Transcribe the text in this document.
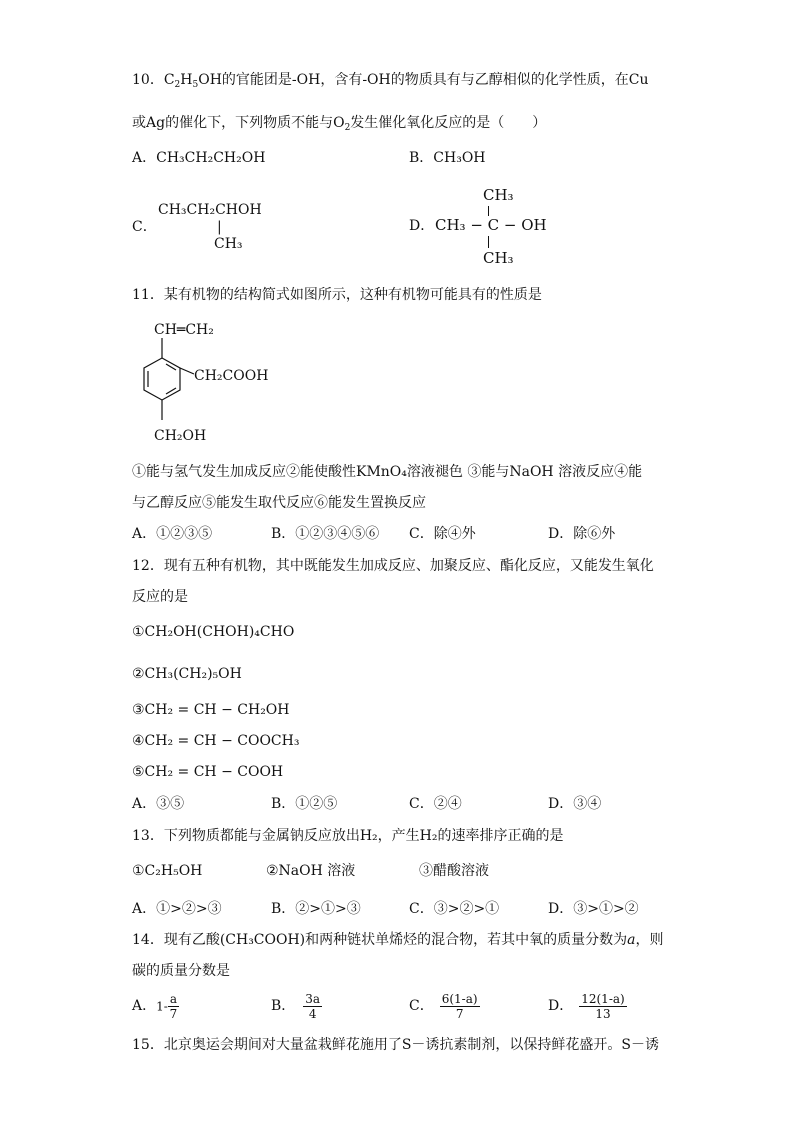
10．$C_2H_5OH$的官能团是-OH，含有-OH的物质具有与乙醇相似的化学性质，在Cu
或Ag的催化下，下列物质不能与$O_2$发生催化氧化反应的是（　　）
A．CH₃CH₂CH₂OH	B．CH₃OH
C．
CH₃CH₂CHOH
|
CH₃
D．
CH₃
CH₃ − C − OH
CH₃
11．某有机物的结构简式如图所示，这种有机物可能具有的性质是
CH═CH₂
CH₂COOH
CH₂OH
①能与氢气发生加成反应②能使酸性KMnO₄溶液褪色 ③能与NaOH 溶液反应④能
与乙醇反应⑤能发生取代反应⑥能发生置换反应
A．①②③⑤	B．①②③④⑤⑥ C．除④外	D．除⑥外
12．现有五种有机物，其中既能发生加成反应、加聚反应、酯化反应，又能发生氧化
反应的是
①CH₂OH(CHOH)₄CHO
②CH₃(CH₂)₅OH
③CH₂ = CH − CH₂OH
④CH₂ = CH − COOCH₃
⑤CH₂ = CH − COOH
A．③⑤	B．①②⑤	C．②④	D．③④
13．下列物质都能与金属钠反应放出H₂，产生H₂的速率排序正确的是
①C₂H₅OH	②NaOH 溶液	③醋酸溶液
A．①>②>③	B．②>①>③	C．③>②>①	D．③>①>②
14．现有乙酸(CH₃COOH)和两种链状单烯烃的混合物，若其中氧的质量分数为a，则
碳的质量分数是
A．$1- \frac{a}{7}$	B． $\frac{3a}{4}$	C． $\frac{6(1-a)}{7}$	D． $\frac{12(1-a)}{13}$
15．北京奥运会期间对大量盆栽鲜花施用了S－诱抗素制剂，以保持鲜花盛开。S－诱
